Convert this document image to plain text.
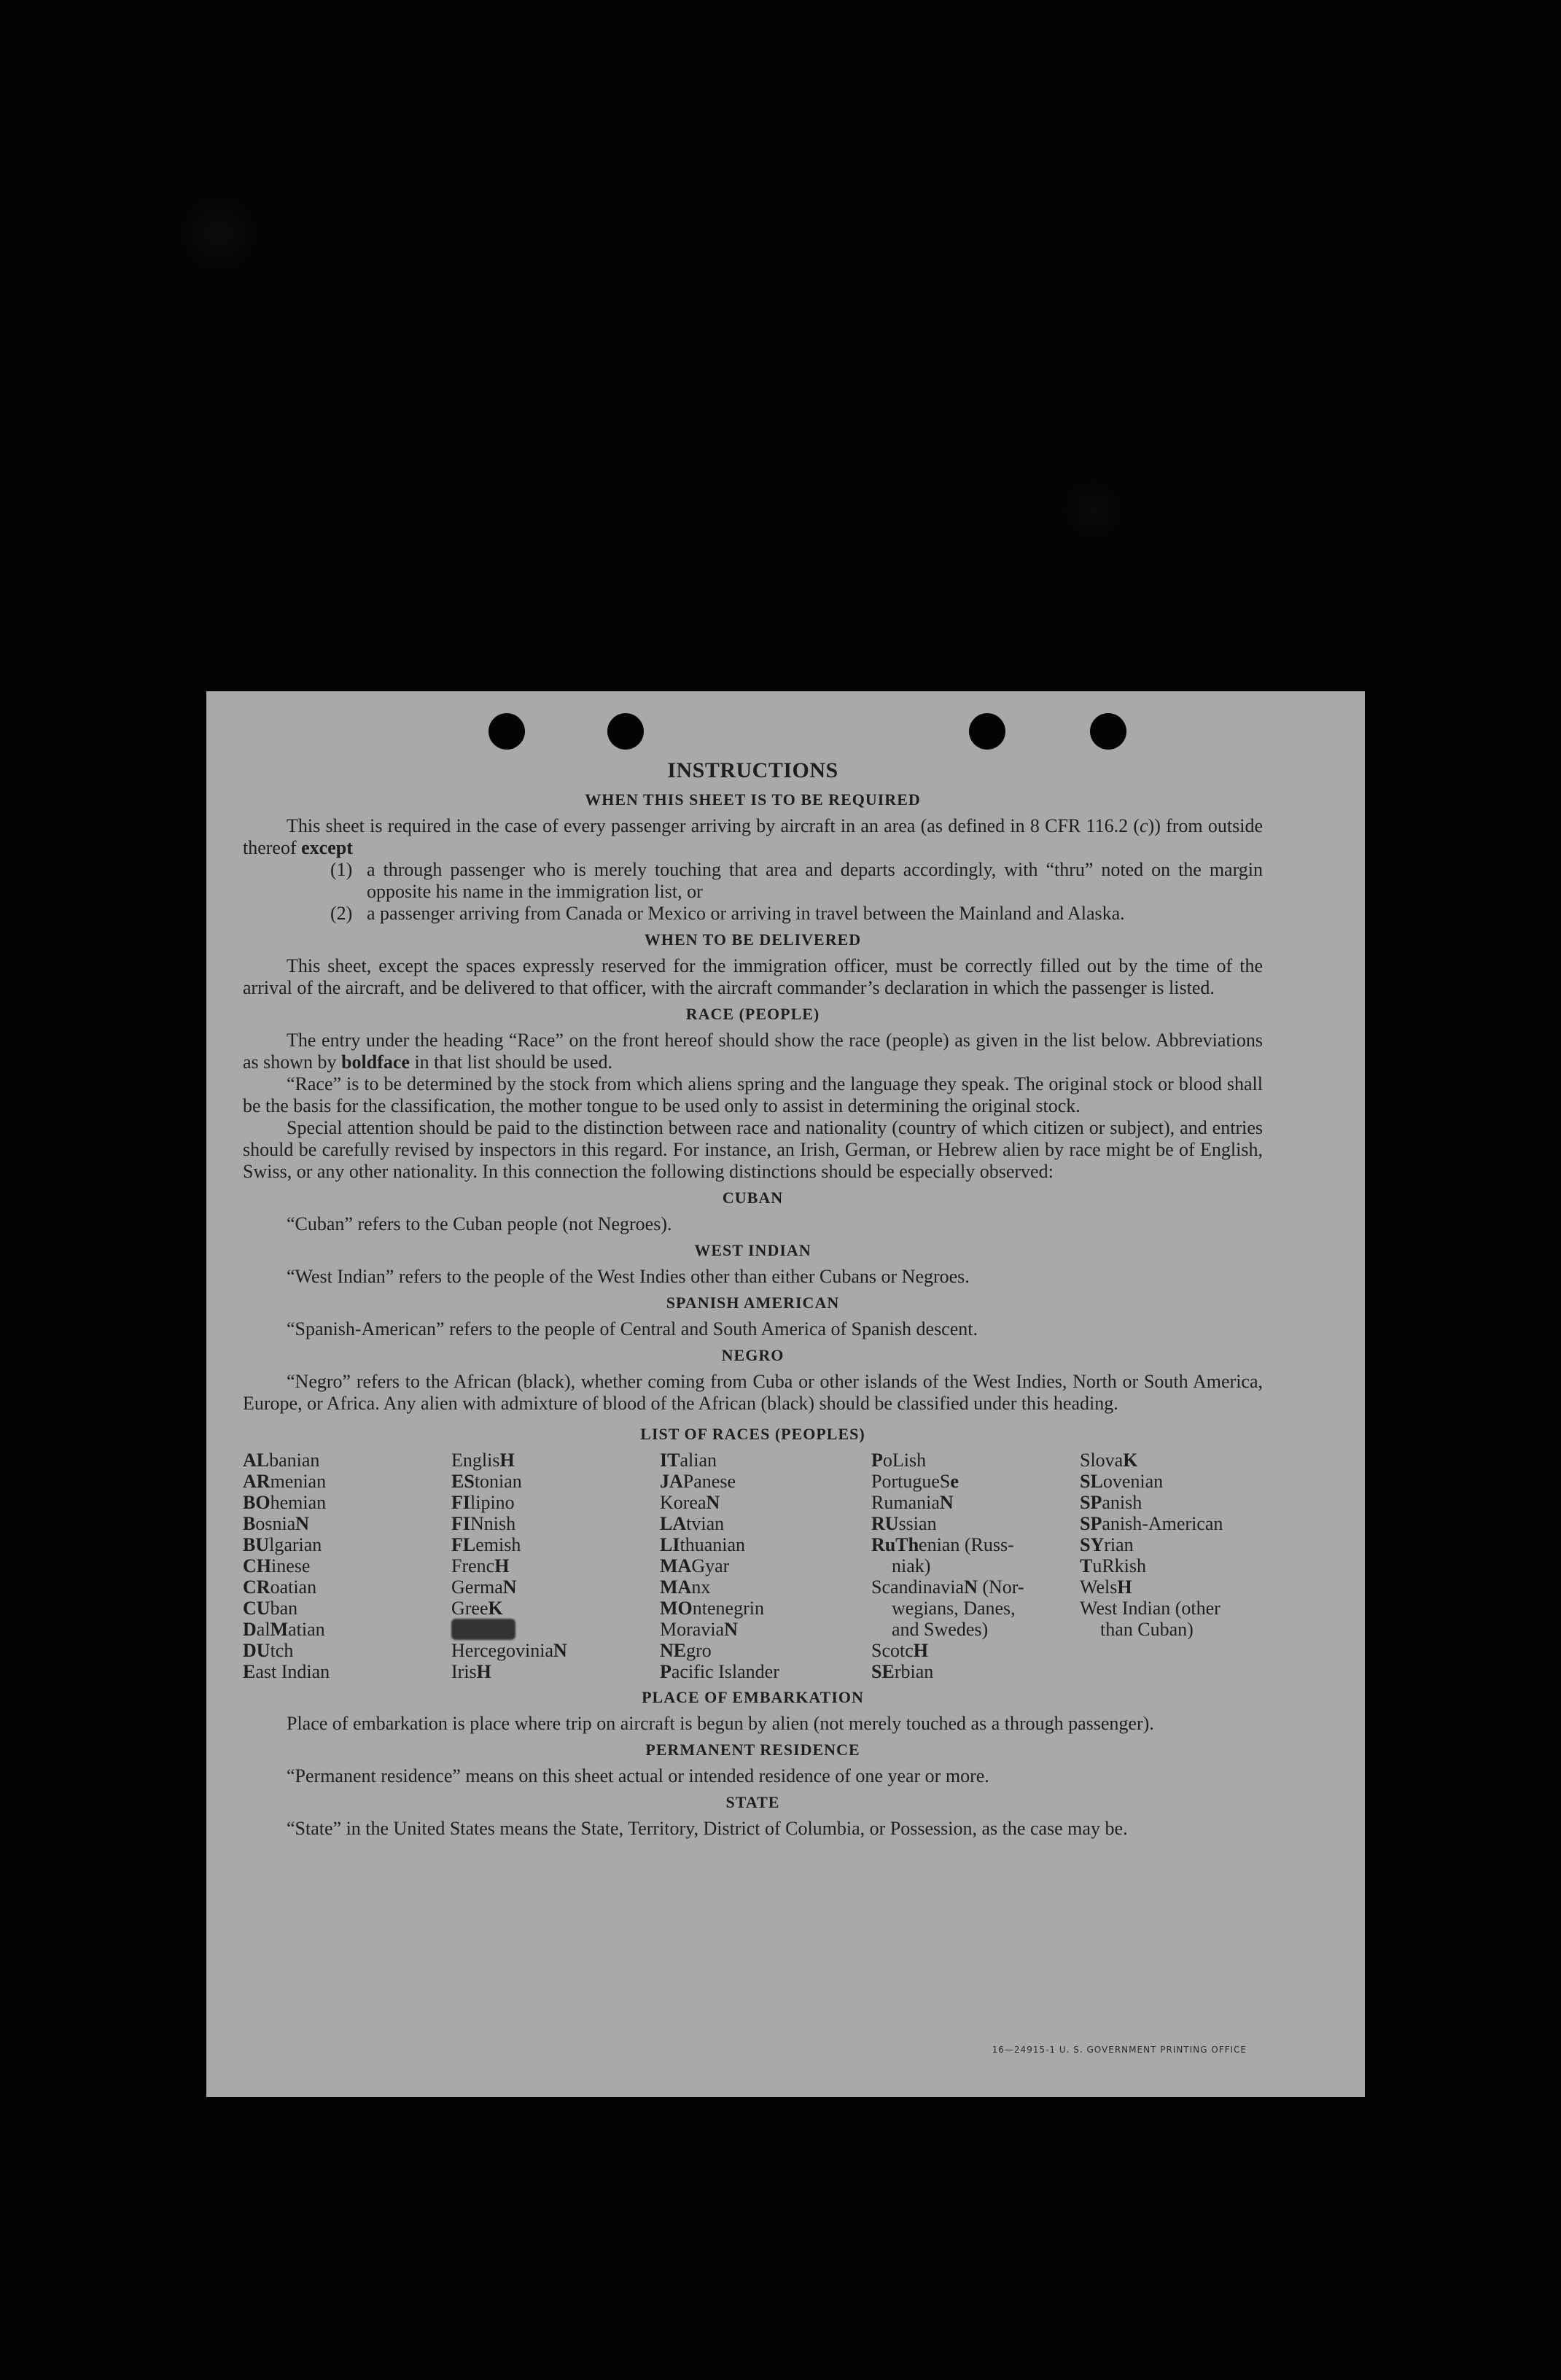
INSTRUCTIONS
WHEN THIS SHEET IS TO BE REQUIRED

This sheet is required in the case of every passenger arriving by aircraft in an area (as defined in 8 CFR 116.2 (c)) from outside thereof except

(1) a through passenger who is merely touching that area and departs accordingly, with “thru” noted on the margin opposite his name in the immigration list, or
(2) a passenger arriving from Canada or Mexico or arriving in travel between the Mainland and Alaska.
WHEN TO BE DELIVERED

This sheet, except the spaces expressly reserved for the immigration officer, must be correctly filled out by the time of the arrival of the aircraft, and be delivered to that officer, with the aircraft commander’s declaration in which the passenger is listed.

RACE (PEOPLE)

The entry under the heading “Race” on the front hereof should show the race (people) as given in the list below. Abbreviations as shown by boldface in that list should be used.

“Race” is to be determined by the stock from which aliens spring and the language they speak. The original stock or blood shall be the basis for the classification, the mother tongue to be used only to assist in determining the original stock.

Special attention should be paid to the distinction between race and nationality (country of which citizen or subject), and entries should be carefully revised by inspectors in this regard. For instance, an Irish, German, or Hebrew alien by race might be of English, Swiss, or any other nationality. In this connection the following distinctions should be especially observed:

CUBAN

“Cuban” refers to the Cuban people (not Negroes).

WEST INDIAN

“West Indian” refers to the people of the West Indies other than either Cubans or Negroes.

SPANISH AMERICAN

“Spanish-American” refers to the people of Central and South America of Spanish descent.

NEGRO

“Negro” refers to the African (black), whether coming from Cuba or other islands of the West Indies, North or South America, Europe, or Africa. Any alien with admixture of blood of the African (black) should be classified under this heading.

LIST OF RACES (PEOPLES)
ALbanian
ARmenian
BOhemian
BosniaN
BUlgarian
CHinese
CRoatian
CUban
DalMatian
DUtch
East Indian
EnglisH
EStonian
FIlipino
FINnish
FLemish
FrencH
GermaN
GreeK
HebreW
HercegoviniaN
IrisH
ITalian
JAPanese
KoreaN
LAtvian
LIthuanian
MAGyar
MAnx
MOntenegrin
MoraviaN
NEgro
Pacific Islander
PoLish
PortugueSe
RumaniaN
RUssian
RuThenian (Russ-
niak)
ScandinaviaN (Nor-
wegians, Danes,
and Swedes)
ScotcH
SErbian
SlovaK
SLovenian
SPanish
SPanish-American
SYrian
TuRkish
WelsH
West Indian (other
than Cuban)
PLACE OF EMBARKATION

Place of embarkation is place where trip on aircraft is begun by alien (not merely touched as a through passenger).

PERMANENT RESIDENCE

“Permanent residence” means on this sheet actual or intended residence of one year or more.

STATE

“State” in the United States means the State, Territory, District of Columbia, or Possession, as the case may be.

16—24915-1 U. S. GOVERNMENT PRINTING OFFICE
